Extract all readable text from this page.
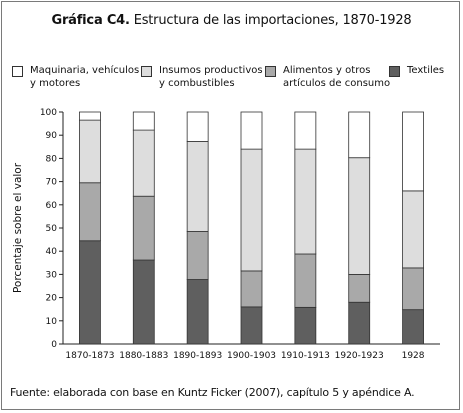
Gráfica C4. Estructura de las importaciones, 1870-1928
Maquinaria, vehículos
y motores
Insumos productivos
y combustibles
Alimentos y otros
artículos de consumo
Textiles
Porcentaje sobre el valor
0
10
20
30
40
50
60
70
80
90
100
1870-1873 1880-1883 1890-1893 1900-1903 1910-1913 1920-1923 1928
Fuente: elaborada con base en Kuntz Ficker (2007), capítulo 5 y apéndice A.
